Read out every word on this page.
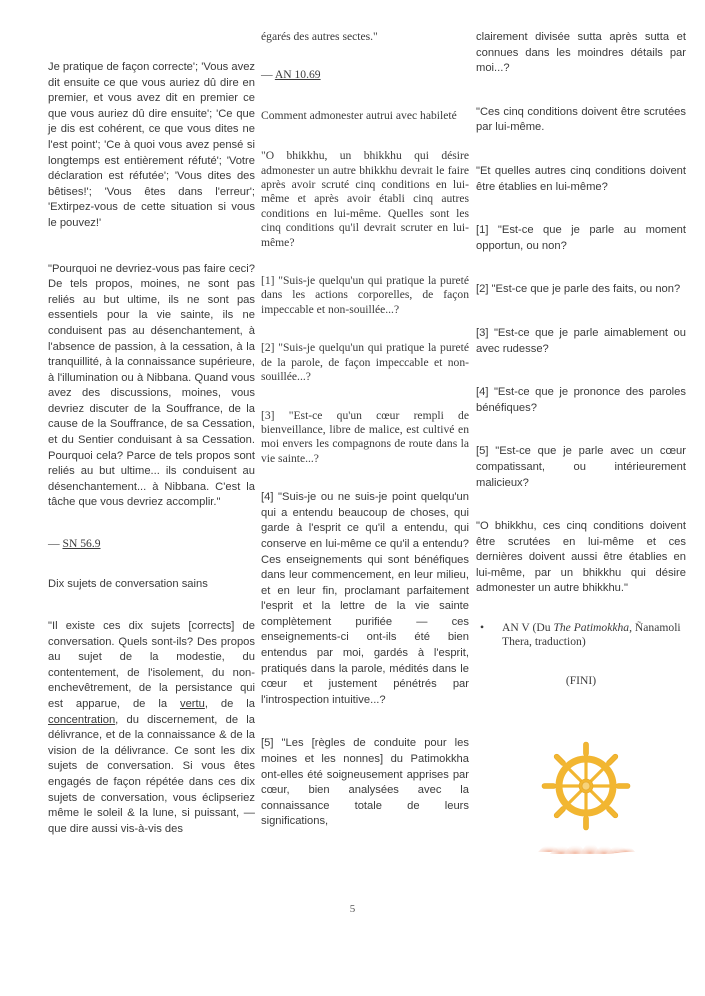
Je pratique de façon correcte'; 'Vous avez dit ensuite ce que vous auriez dû dire en premier, et vous avez dit en premier ce que vous auriez dû dire ensuite'; 'Ce que je dis est cohérent, ce que vous dites ne l'est point'; 'Ce à quoi vous avez pensé si longtemps est entièrement réfuté'; 'Votre déclaration est réfutée'; 'Vous dites des bêtises!'; 'Vous êtes dans l'erreur'; 'Extirpez-vous de cette situation si vous le pouvez!'

"Pourquoi ne devriez-vous pas faire ceci? De tels propos, moines, ne sont pas reliés au but ultime, ils ne sont pas essentiels pour la vie sainte, ils ne conduisent pas au désenchantement, à l'absence de passion, à la cessation, à la tranquillité, à la connaissance supérieure, à l'illumination ou à Nibbana. Quand vous avez des discussions, moines, vous devriez discuter de la Souffrance, de la cause de la Souffrance, de sa Cessation, et du Sentier conduisant à sa Cessation. Pourquoi cela? Parce de tels propos sont reliés au but ultime... ils conduisent au désenchantement... à Nibbana. C'est la tâche que vous devriez accomplir."

— SN 56.9

Dix sujets de conversation sains

"Il existe ces dix sujets [corrects] de conversation. Quels sont-ils? Des propos au sujet de la modestie, du contentement, de l'isolement, du non-enchevêtrement, de la persistance qui est apparue, de la vertu, de la concentration, du discernement, de la délivrance, et de la connaissance & de la vision de la délivrance. Ce sont les dix sujets de conversation. Si vous êtes engagés de façon répétée dans ces dix sujets de conversation, vous éclipseriez même le soleil & la lune, si puissant, — que dire aussi vis-à-vis des

égarés des autres sectes."

— AN 10.69

Comment admonester autrui avec habileté

"O bhikkhu, un bhikkhu qui désire admonester un autre bhikkhu devrait le faire après avoir scruté cinq conditions en lui-même et après avoir établi cinq autres conditions en lui-même. Quelles sont les cinq conditions qu'il devrait scruter en lui-même?

[1] "Suis-je quelqu'un qui pratique la pureté dans les actions corporelles, de façon impeccable et non-souillée...?

[2] "Suis-je quelqu'un qui pratique la pureté de la parole, de façon impeccable et non-souillée...?

[3] "Est-ce qu'un cœur rempli de bienveillance, libre de malice, est cultivé en moi envers les compagnons de route dans la vie sainte...?

[4] "Suis-je ou ne suis-je point quelqu'un qui a entendu beaucoup de choses, qui garde à l'esprit ce qu'il a entendu, qui conserve en lui-même ce qu'il a entendu? Ces enseignements qui sont bénéfiques dans leur commencement, en leur milieu, et en leur fin, proclamant parfaitement l'esprit et la lettre de la vie sainte complètement purifiée — ces enseignements-ci ont-ils été bien entendus par moi, gardés à l'esprit, pratiqués dans la parole, médités dans le cœur et justement pénétrés par l'introspection intuitive...?

[5] "Les [règles de conduite pour les moines et les nonnes] du Patimokkha ont-elles été soigneusement apprises par cœur, bien analysées avec la connaissance totale de leurs significations,

clairement divisée sutta après sutta et connues dans les moindres détails par moi...?

"Ces cinq conditions doivent être scrutées par lui-même.

"Et quelles autres cinq conditions doivent être établies en lui-même?

[1] "Est-ce que je parle au moment opportun, ou non?

[2] "Est-ce que je parle des faits, ou non?

[3] "Est-ce que je parle aimablement ou avec rudesse?

[4] "Est-ce que je prononce des paroles bénéfiques?

[5] "Est-ce que je parle avec un cœur compatissant, ou intérieurement malicieux?

"O bhikkhu, ces cinq conditions doivent être scrutées en lui-même et ces dernières doivent aussi être établies en lui-même, par un bhikkhu qui désire admonester un autre bhikkhu."

•	AN V (Du The Patimokkha, Ñanamoli Thera, traduction)

(FINI)

5
